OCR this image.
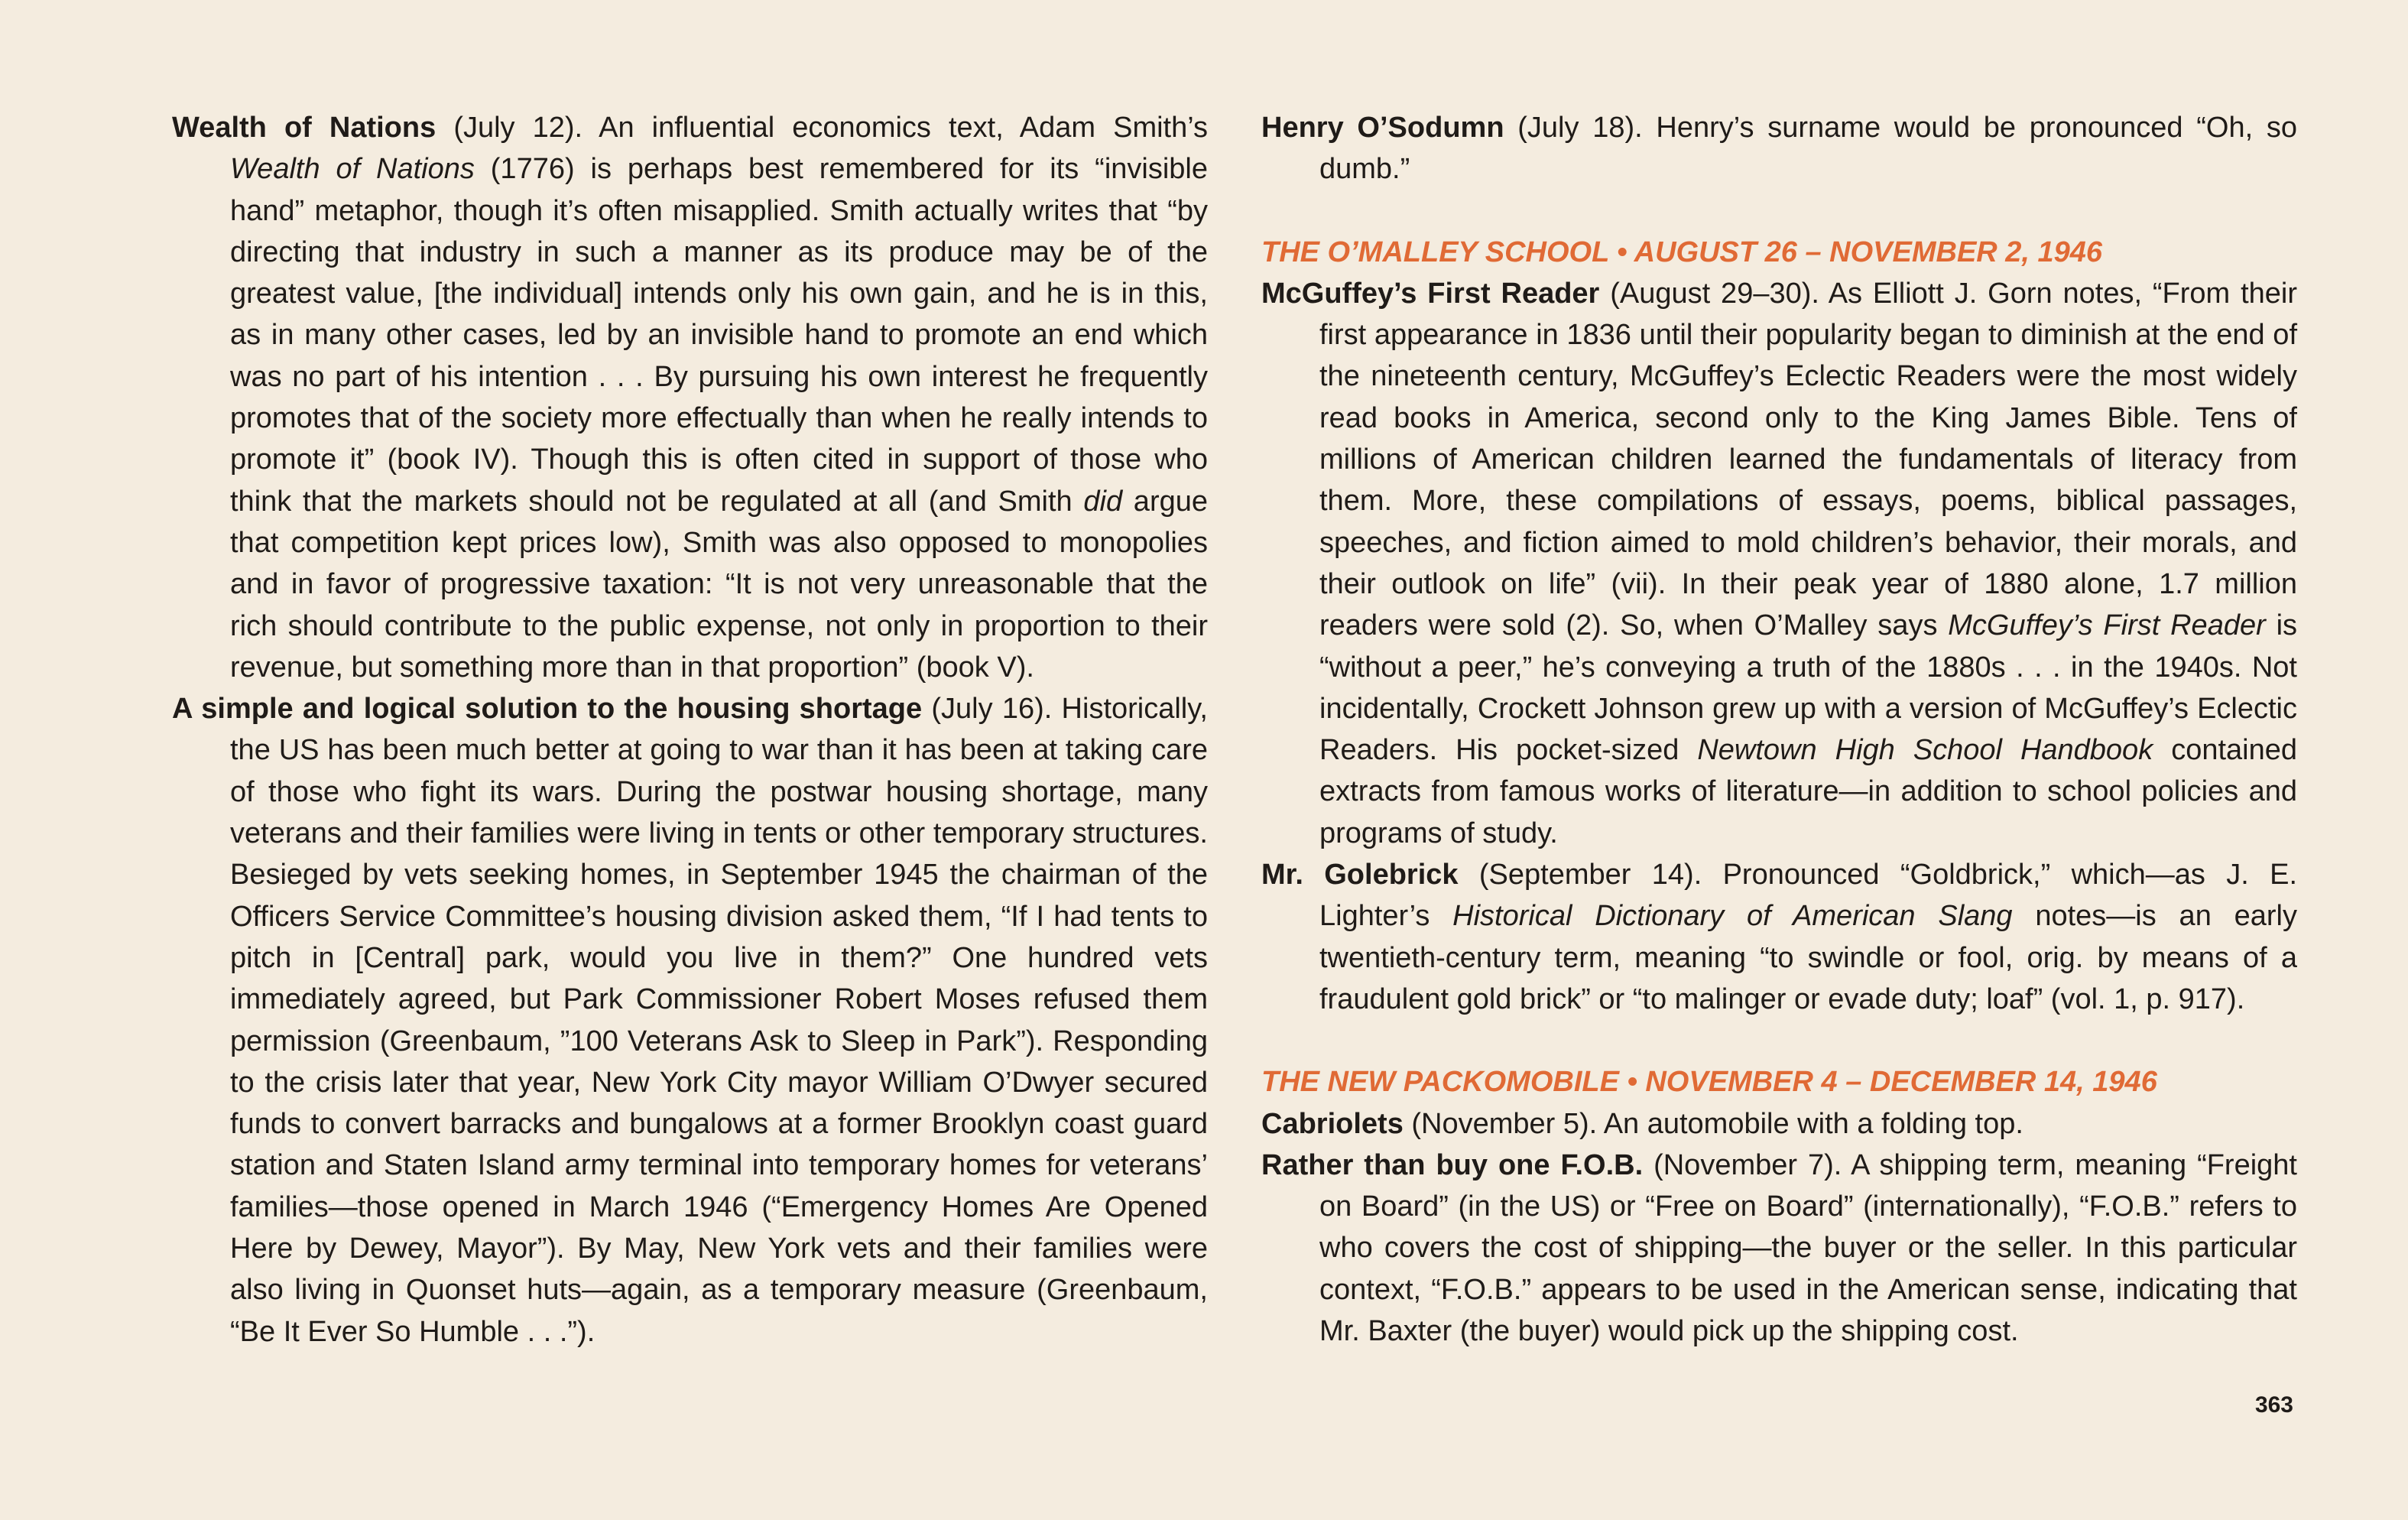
Wealth of Nations (July 12). An influential economics text, Adam Smith’s Wealth of Nations (1776) is perhaps best remembered for its “invisible hand” metaphor, though it’s often misapplied. Smith actually writes that “by directing that industry in such a manner as its produce may be of the greatest value, [the individual] intends only his own gain, and he is in this, as in many other cases, led by an invisible hand to promote an end which was no part of his intention . . . By pursuing his own interest he frequently promotes that of the society more effectually than when he really intends to promote it” (book IV). Though this is often cited in support of those who think that the markets should not be regulated at all (and Smith did argue that competition kept prices low), Smith was also opposed to monopolies and in favor of progressive taxation: “It is not very unreasonable that the rich should contribute to the public expense, not only in proportion to their revenue, but something more than in that proportion” (book V).

A simple and logical solution to the housing shortage (July 16). Historically, the US has been much better at going to war than it has been at taking care of those who fight its wars. During the postwar housing shortage, many veterans and their families were living in tents or other temporary structures. Besieged by vets seeking homes, in September 1945 the chairman of the Officers Service Committee’s housing division asked them, “If I had tents to pitch in [Central] park, would you live in them?” One hundred vets immediately agreed, but Park Commissioner Robert Moses refused them permission (Greenbaum, ”100 Veterans Ask to Sleep in Park”). Responding to the crisis later that year, New York City mayor William O’Dwyer secured funds to convert barracks and bungalows at a former Brooklyn coast guard station and Staten Island army terminal into temporary homes for veterans’ families—those opened in March 1946 (“Emergency Homes Are Opened Here by Dewey, Mayor”). By May, New York vets and their families were also living in Quonset huts—again, as a temporary measure (Greenbaum, “Be It Ever So Humble . . .”).

Henry O’Sodumn (July 18). Henry’s surname would be pronounced “Oh, so dumb.”

THE O’MALLEY SCHOOL • AUGUST 26 – NOVEMBER 2, 1946

McGuffey’s First Reader (August 29–30). As Elliott J. Gorn notes, “From their first appearance in 1836 until their popularity began to diminish at the end of the nineteenth century, McGuffey’s Eclectic Readers were the most widely read books in America, second only to the King James Bible. Tens of millions of American children learned the fundamentals of literacy from them. More, these compilations of essays, poems, biblical passages, speeches, and fiction aimed to mold children’s behavior, their morals, and their outlook on life” (vii). In their peak year of 1880 alone, 1.7 million readers were sold (2). So, when O’Malley says McGuffey’s First Reader is “without a peer,” he’s conveying a truth of the 1880s . . . in the 1940s. Not incidentally, Crockett Johnson grew up with a version of McGuffey’s Eclectic Readers. His pocket-sized Newtown High School Handbook contained extracts from famous works of literature—in addition to school policies and programs of study.

Mr. Golebrick (September 14). Pronounced “Goldbrick,” which—as J. E. Lighter’s Historical Dictionary of American Slang notes—is an early twentieth-century term, meaning “to swindle or fool, orig. by means of a fraudulent gold brick” or “to malinger or evade duty; loaf” (vol. 1, p. 917).

THE NEW PACKOMOBILE • NOVEMBER 4 – DECEMBER 14, 1946

Cabriolets (November 5). An automobile with a folding top.

Rather than buy one F.O.B. (November 7). A shipping term, meaning “Freight on Board” (in the US) or “Free on Board” (internationally), “F.O.B.” refers to who covers the cost of shipping—the buyer or the seller. In this particular context, “F.O.B.” appears to be used in the American sense, indicating that Mr. Baxter (the buyer) would pick up the shipping cost.

363
